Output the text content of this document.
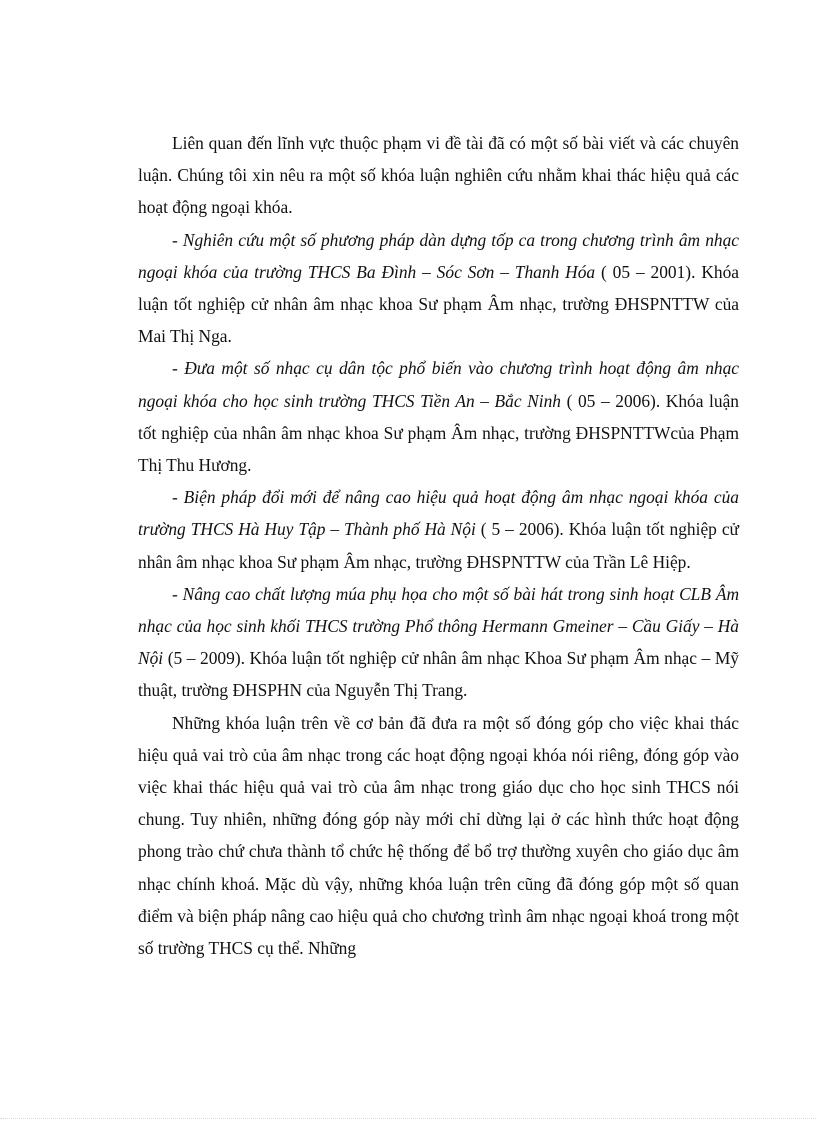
Liên quan đến lĩnh vực thuộc phạm vi đề tài đã có một số bài viết và các chuyên luận. Chúng tôi xin nêu ra một số khóa luận nghiên cứu nhằm khai thác hiệu quả các hoạt động ngoại khóa.

- Nghiên cứu một số phương pháp dàn dựng tốp ca trong chương trình âm nhạc ngoại khóa của trường THCS Ba Đình – Sóc Sơn – Thanh Hóa ( 05 – 2001). Khóa luận tốt nghiệp cử nhân âm nhạc khoa Sư phạm Âm nhạc, trường ĐHSPNTTW của Mai Thị Nga.

- Đưa một số nhạc cụ dân tộc phổ biến vào chương trình hoạt động âm nhạc ngoại khóa cho học sinh trường THCS Tiền An – Bắc Ninh ( 05 – 2006). Khóa luận tốt nghiệp của nhân âm nhạc khoa Sư phạm Âm nhạc, trường ĐHSPNTTWcủa Phạm Thị Thu Hương.

- Biện pháp đổi mới để nâng cao hiệu quả hoạt động âm nhạc ngoại khóa của trường THCS Hà Huy Tập – Thành phố Hà Nội ( 5 – 2006). Khóa luận tốt nghiệp cử nhân âm nhạc khoa Sư phạm Âm nhạc, trường ĐHSPNTTW của Trần Lê Hiệp.

- Nâng cao chất lượng múa phụ họa cho một số bài hát trong sinh hoạt CLB Âm nhạc của học sinh khối THCS trường Phổ thông Hermann Gmeiner – Cầu Giấy – Hà Nội (5 – 2009). Khóa luận tốt nghiệp cử nhân âm nhạc Khoa Sư phạm Âm nhạc – Mỹ thuật, trường ĐHSPHN của Nguyễn Thị Trang.

Những khóa luận trên về cơ bản đã đưa ra một số đóng góp cho việc khai thác hiệu quả vai trò của âm nhạc trong các hoạt động ngoại khóa nói riêng, đóng góp vào việc khai thác hiệu quả vai trò của âm nhạc trong giáo dục cho học sinh THCS nói chung. Tuy nhiên, những đóng góp này mới chỉ dừng lại ở các hình thức hoạt động phong trào chứ chưa thành tổ chức hệ thống để bổ trợ thường xuyên cho giáo dục âm nhạc chính khoá. Mặc dù vậy, những khóa luận trên cũng đã đóng góp một số quan điểm và biện pháp nâng cao hiệu quả cho chương trình âm nhạc ngoại khoá trong một số trường THCS cụ thể. Những
